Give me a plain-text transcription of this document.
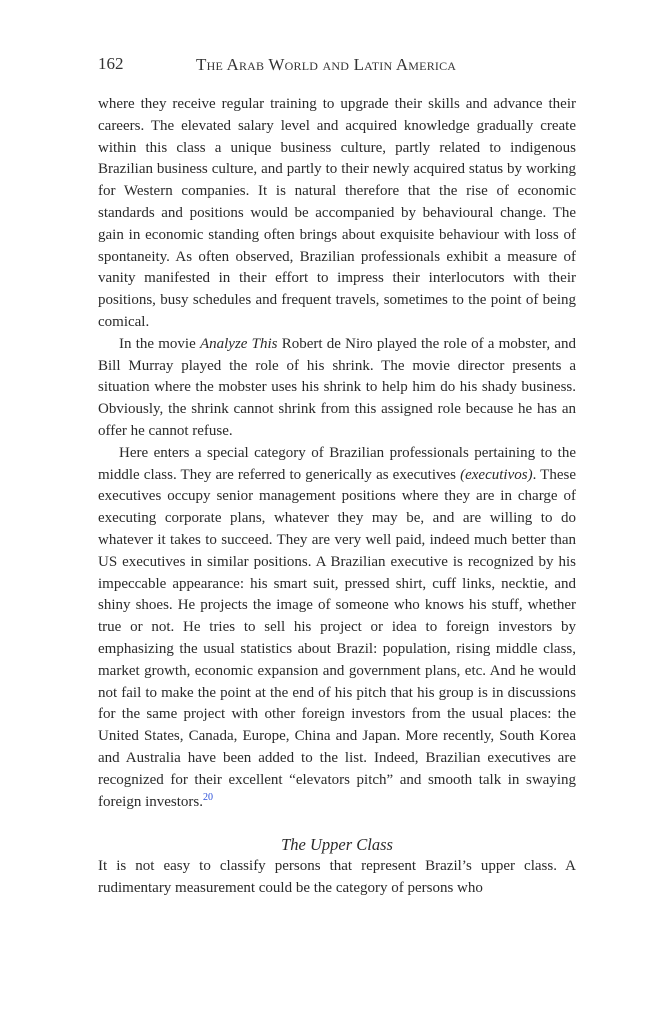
162	The Arab World and Latin America

where they receive regular training to upgrade their skills and advance their careers. The elevated salary level and acquired knowledge gradually create within this class a unique business culture, partly related to indigenous Brazilian business culture, and partly to their newly acquired status by working for Western companies. It is natural therefore that the rise of economic standards and positions would be accompanied by behavioural change. The gain in economic standing often brings about exquisite behaviour with loss of spontaneity. As often observed, Brazilian professionals exhibit a measure of vanity manifested in their effort to impress their interlocutors with their positions, busy schedules and frequent travels, sometimes to the point of being comical.

In the movie Analyze This Robert de Niro played the role of a mobster, and Bill Murray played the role of his shrink. The movie director presents a situation where the mobster uses his shrink to help him do his shady business. Obviously, the shrink cannot shrink from this assigned role because he has an offer he cannot refuse.

Here enters a special category of Brazilian professionals pertaining to the middle class. They are referred to generically as executives (executivos). These executives occupy senior management positions where they are in charge of executing corporate plans, whatever they may be, and are willing to do whatever it takes to succeed. They are very well paid, indeed much better than US executives in similar positions. A Brazilian executive is recognized by his impeccable appearance: his smart suit, pressed shirt, cuff links, necktie, and shiny shoes. He projects the image of someone who knows his stuff, whether true or not. He tries to sell his project or idea to foreign investors by emphasizing the usual statistics about Brazil: population, rising middle class, market growth, economic expansion and government plans, etc. And he would not fail to make the point at the end of his pitch that his group is in discussions for the same project with other foreign investors from the usual places: the United States, Canada, Europe, China and Japan. More recently, South Korea and Australia have been added to the list. Indeed, Brazilian executives are recognized for their excellent “elevators pitch” and smooth talk in swaying foreign investors.$^{20}$

The Upper Class

It is not easy to classify persons that represent Brazil’s upper class. A rudimentary measurement could be the category of persons who
